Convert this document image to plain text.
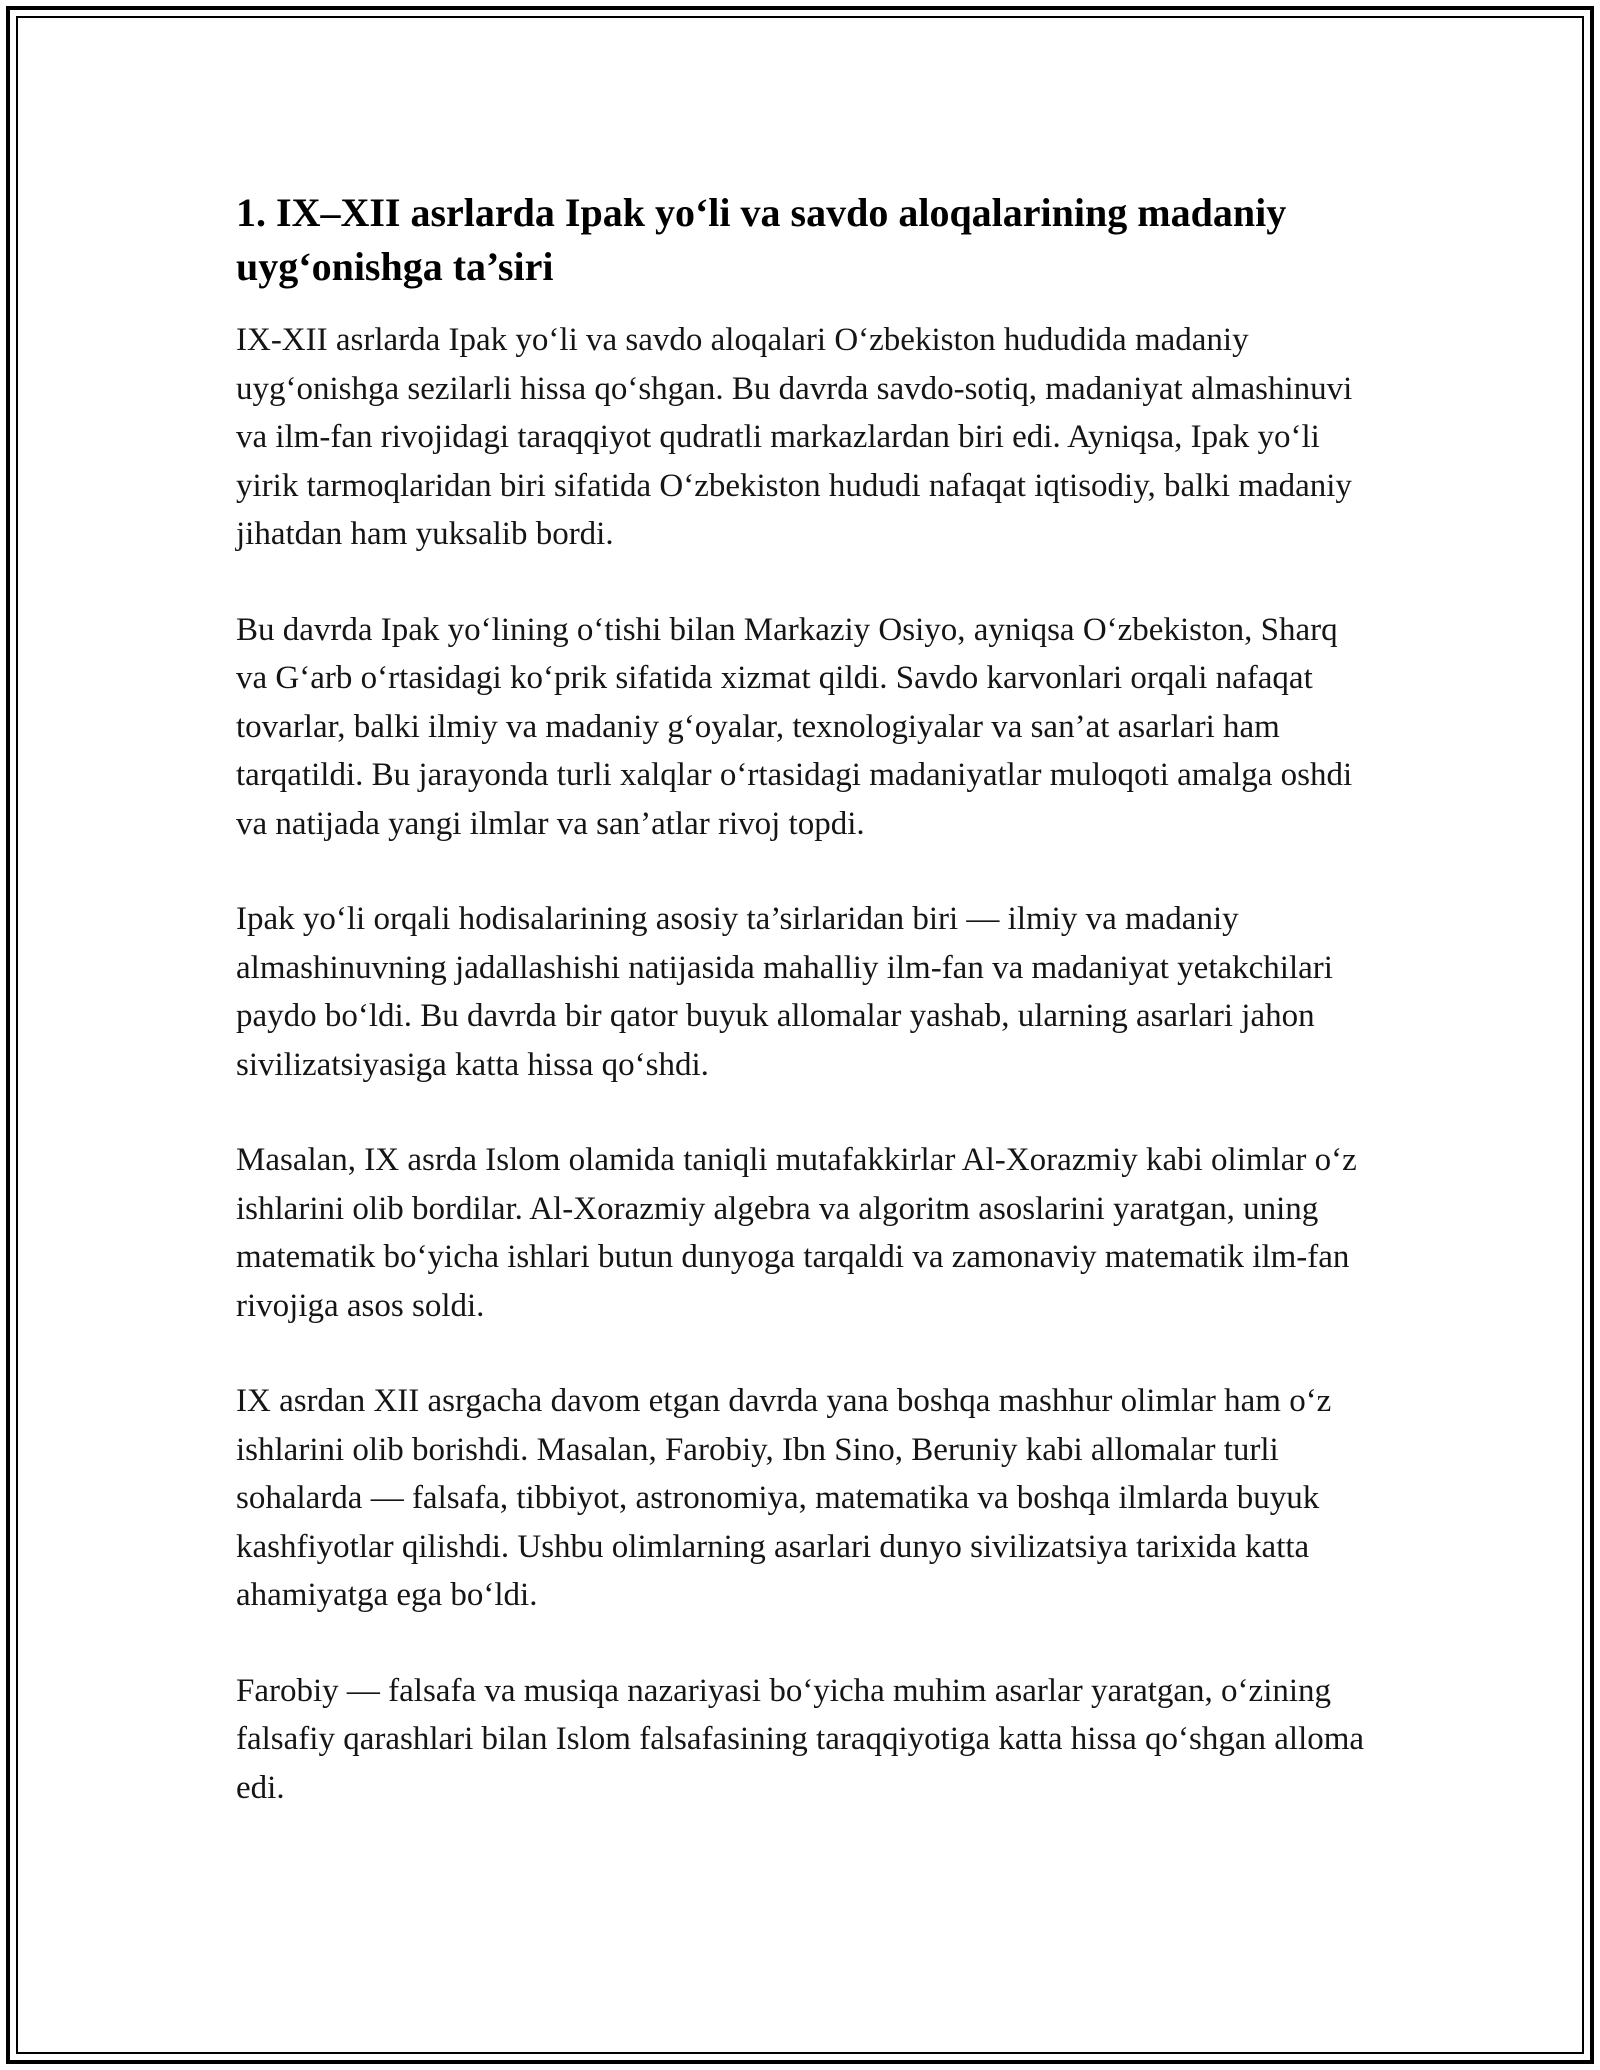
1. IX–XII asrlarda Ipak yo‘li va savdo aloqalarining madaniy uyg‘onishga ta’siri

IX-XII asrlarda Ipak yo‘li va savdo aloqalari O‘zbekiston hududida madaniy uyg‘onishga sezilarli hissa qo‘shgan. Bu davrda savdo-sotiq, madaniyat almashinuvi va ilm-fan rivojidagi taraqqiyot qudratli markazlardan biri edi. Ayniqsa, Ipak yo‘li yirik tarmoqlaridan biri sifatida O‘zbekiston hududi nafaqat iqtisodiy, balki madaniy jihatdan ham yuksalib bordi.

Bu davrda Ipak yo‘lining o‘tishi bilan Markaziy Osiyo, ayniqsa O‘zbekiston, Sharq va G‘arb o‘rtasidagi ko‘prik sifatida xizmat qildi. Savdo karvonlari orqali nafaqat tovarlar, balki ilmiy va madaniy g‘oyalar, texnologiyalar va san’at asarlari ham tarqatildi. Bu jarayonda turli xalqlar o‘rtasidagi madaniyatlar muloqoti amalga oshdi va natijada yangi ilmlar va san’atlar rivoj topdi.

Ipak yo‘li orqali hodisalarining asosiy ta’sirlaridan biri — ilmiy va madaniy almashinuvning jadallashishi natijasida mahalliy ilm-fan va madaniyat yetakchilari paydo bo‘ldi. Bu davrda bir qator buyuk allomalar yashab, ularning asarlari jahon sivilizatsiyasiga katta hissa qo‘shdi.

Masalan, IX asrda Islom olamida taniqli mutafakkirlar Al-Xorazmiy kabi olimlar o‘z ishlarini olib bordilar. Al-Xorazmiy algebra va algoritm asoslarini yaratgan, uning matematik bo‘yicha ishlari butun dunyoga tarqaldi va zamonaviy matematik ilm-fan rivojiga asos soldi.

IX asrdan XII asrgacha davom etgan davrda yana boshqa mashhur olimlar ham o‘z ishlarini olib borishdi. Masalan, Farobiy, Ibn Sino, Beruniy kabi allomalar turli sohalarda — falsafa, tibbiyot, astronomiya, matematika va boshqa ilmlarda buyuk kashfiyotlar qilishdi. Ushbu olimlarning asarlari dunyo sivilizatsiya tarixida katta ahamiyatga ega bo‘ldi.

Farobiy — falsafa va musiqa nazariyasi bo‘yicha muhim asarlar yaratgan, o‘zining falsafiy qarashlari bilan Islom falsafasining taraqqiyotiga katta hissa qo‘shgan alloma edi.
